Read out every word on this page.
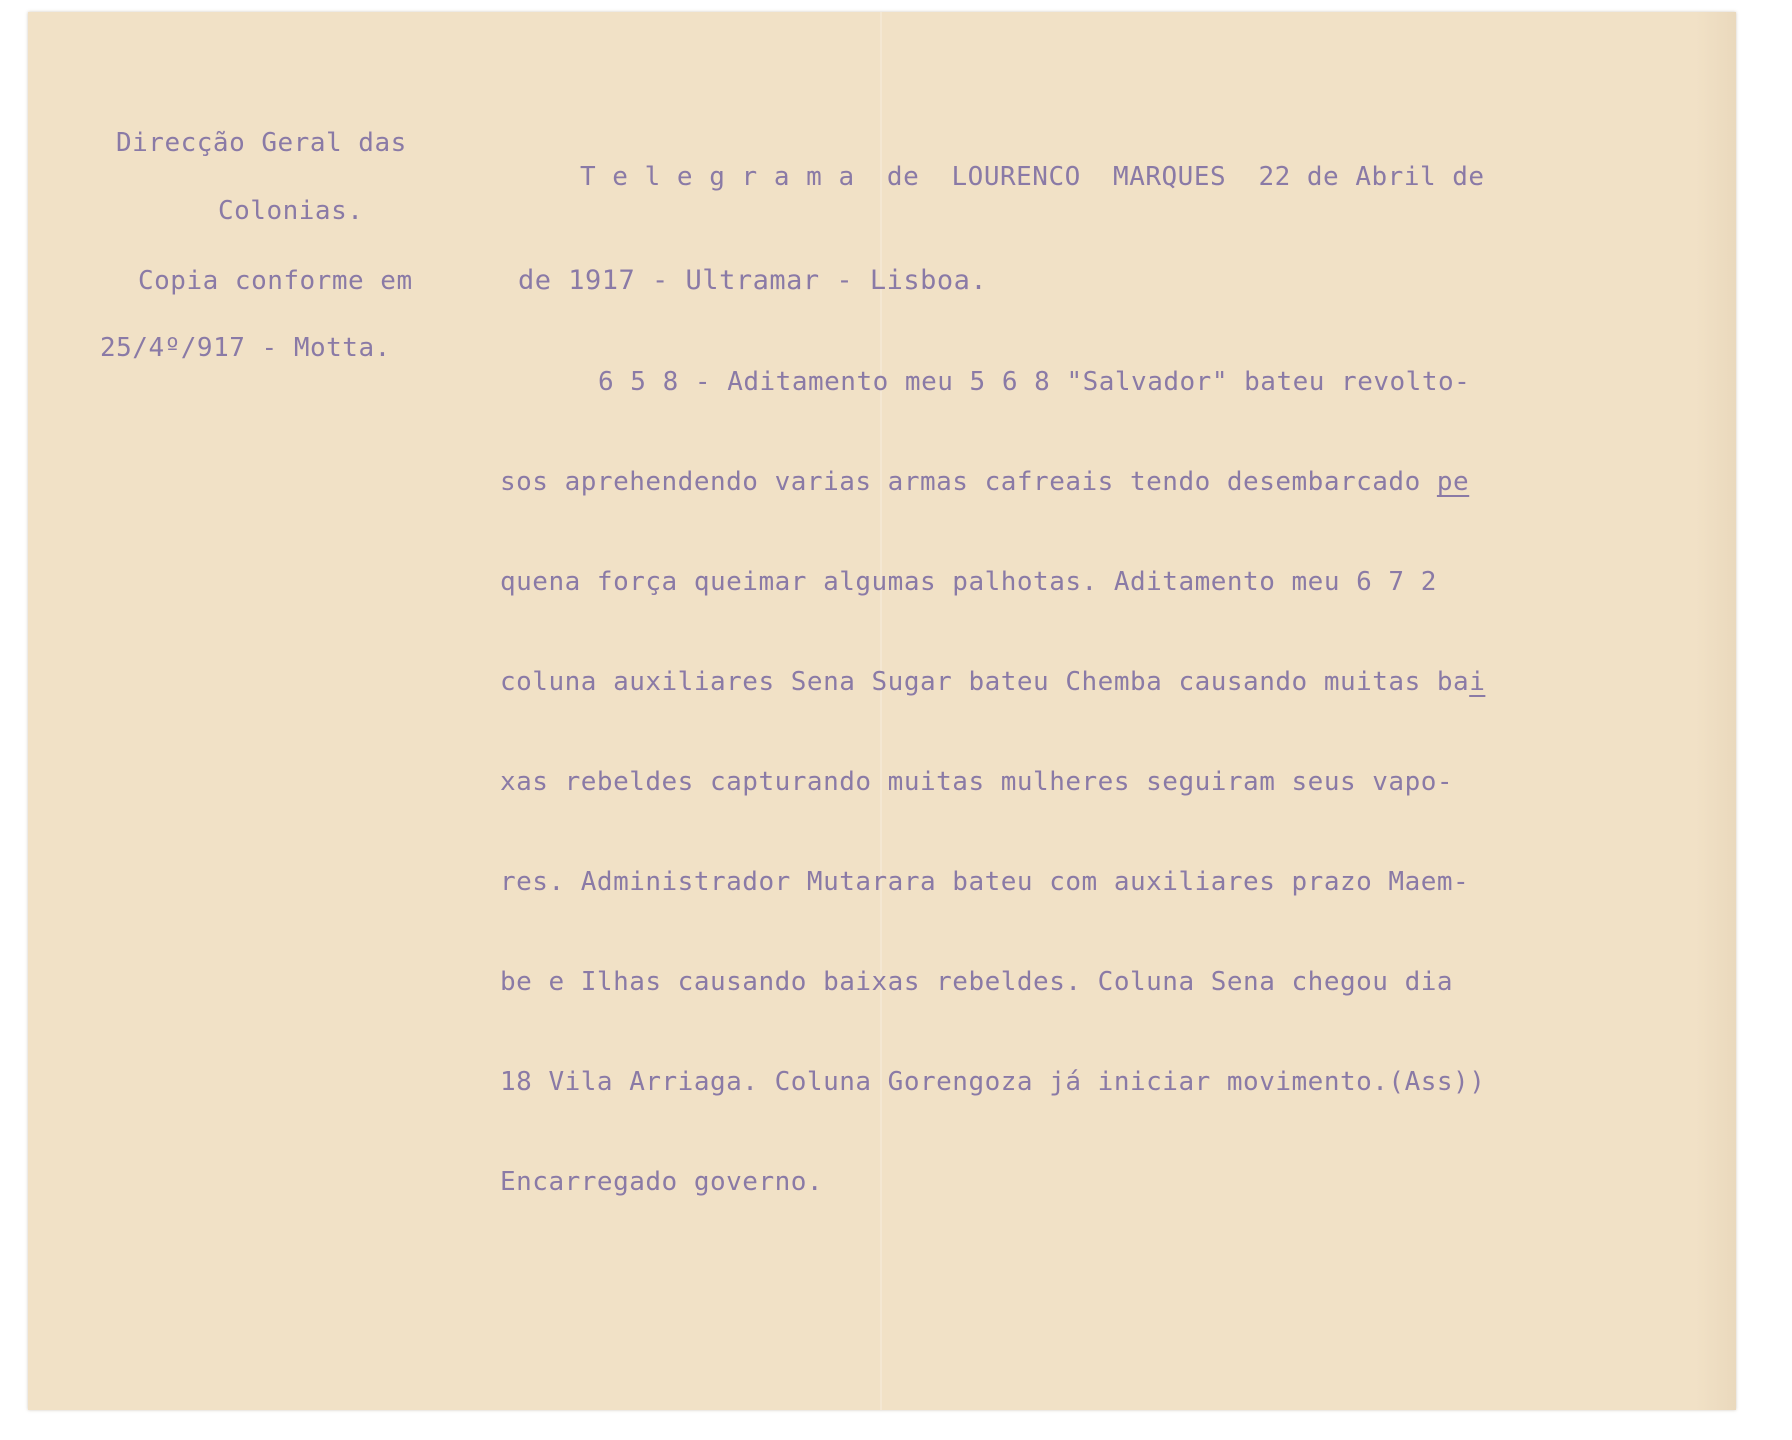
Direcção Geral das

Colonias.

Copia conforme em

25/4º/917 - Motta.

T e l e g r a m a  de  LOURENCO  MARQUES  22 de Abril de

de 1917 - Ultramar - Lisboa.

6 5 8 - Aditamento meu 5 6 8 "Salvador" bateu revolto-

sos aprehendendo varias armas cafreais tendo desembarcado pe

quena força queimar algumas palhotas. Aditamento meu 6 7 2

coluna auxiliares Sena Sugar bateu Chemba causando muitas bai

xas rebeldes capturando muitas mulheres seguiram seus vapo-

res. Administrador Mutarara bateu com auxiliares prazo Maem-

be e Ilhas causando baixas rebeldes. Coluna Sena chegou dia

18 Vila Arriaga. Coluna Gorengoza já iniciar movimento.(Ass))

Encarregado governo.
